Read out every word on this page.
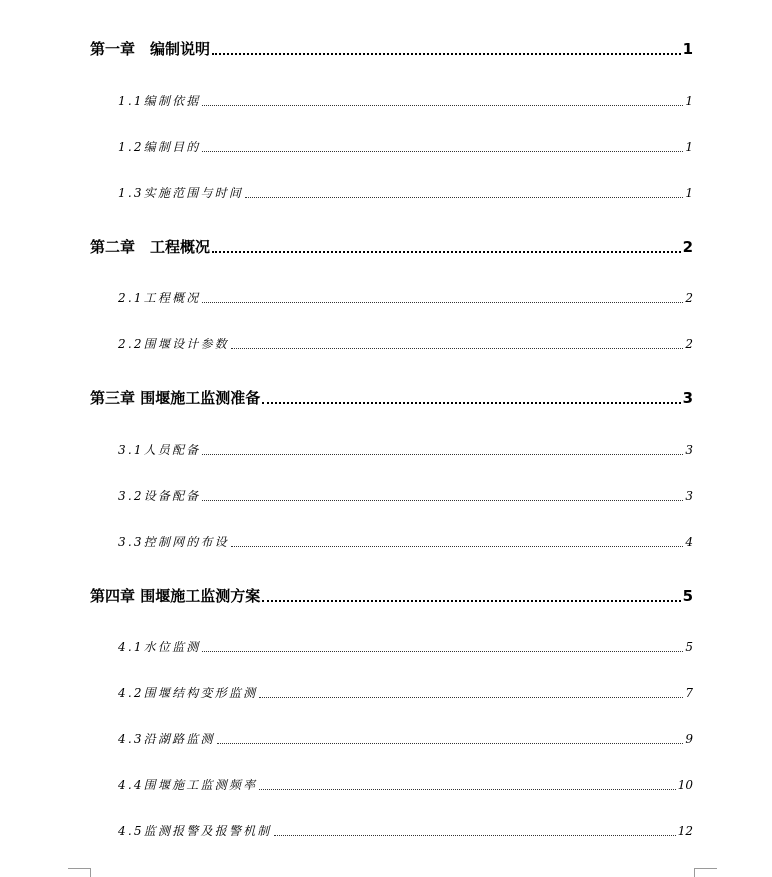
第一章　编制说明	1
1.1编制依据	1
1.2编制目的	1
1.3实施范围与时间	1
第二章　工程概况	2
2.1工程概况	2
2.2围堰设计参数	2
第三章 围堰施工监测准备	3
3.1人员配备	3
3.2设备配备	3
3.3控制网的布设	4
第四章 围堰施工监测方案	5
4.1水位监测	5
4.2围堰结构变形监测	7
4.3沿湖路监测	9
4.4围堰施工监测频率	10
4.5监测报警及报警机制	12
